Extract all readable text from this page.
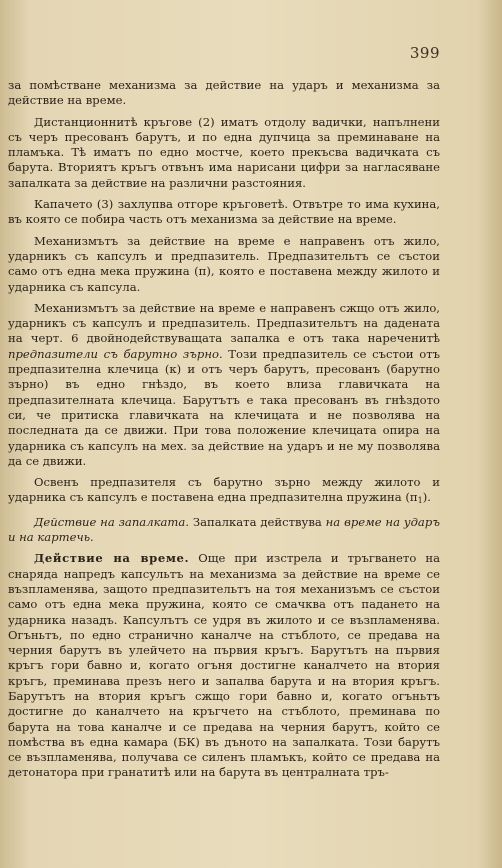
399

за помѣстване механизма за действие на ударъ и механизма за действие на време.

Дистанционнитѣ кръгове (2) иматъ отдолу вадички, напълнени съ черъ пресованъ барутъ, и по една дупчица за преминаване на пламъка. Тѣ иматъ по едно мостче, което прекъсва вадичката съ барута. Вториятъ кръгъ отвънъ има нарисани цифри за нагласяване запалката за действие на различни разстояния.

Капачето (3) захлупва отгоре кръговетѣ. Отвътре то има кухина, въ която се побира часть отъ механизма за действие на време.

Механизмътъ за действие на време е направенъ отъ жило, ударникъ съ капсулъ и предпазитель. Предпазительтъ се състои само отъ една мека пружина (п), която е поставена между жилото и ударника съ капсула.

Механизмътъ за действие на време е направенъ сжщо отъ жило, ударникъ съ капсулъ и предпазитель. Предпазительтъ на дадената на черт. 6 двойнодействуващата запалка е отъ така нареченитѣ предпазители съ барутно зърно. Този предпазитель се състои отъ предпазителна клечица (к) и отъ черъ барутъ, пресованъ (барутно зърно) въ едно гнѣздо, въ което влиза главичката на предпазителната клечица. Барутътъ е така пресованъ въ гнѣздото си, че притиска главичката на клечицата и не позволява на последната да се движи. При това положение клечицата опира на ударника съ капсулъ на мех. за действие на ударъ и не му позволява да се движи.

Освенъ предпазителя съ барутно зърно между жилото и ударника съ капсулъ е поставена една предпазителна пружина $(п_1)$.

Действие на запалката. Запалката действува на време на ударъ и на картечь.

Действие на време. Още при изстрела и тръгването на снаряда напредъ капсультъ на механизма за действие на време се възпламенява, защото предпазительтъ на тоя механизъмъ се състои само отъ една мека пружина, която се смачква отъ падането на ударника назадъ. Капсулътъ се удря въ жилото и се възпламенява. Огъньтъ, по едно странично каналче на стъблото, се предава на черния барутъ въ улейчето на първия кръгъ. Барутътъ на първия кръгъ гори бавно и, когато огъня достигне каналчето на втория кръгъ, преминава презъ него и запалва барута и на втория кръгъ. Барутътъ на втория кръгъ сжщо гори бавно и, когато огъньтъ достигне до каналчето на кръгчето на стъблото, преминава по барута на това каналче и се предава на черния барутъ, който се помѣства въ една камара (БК) въ дъното на запалката. Този барутъ се възпламенява, получава се силенъ пламъкъ, който се предава на детонатора при гранатитѣ или на барута въ централната тръ-
